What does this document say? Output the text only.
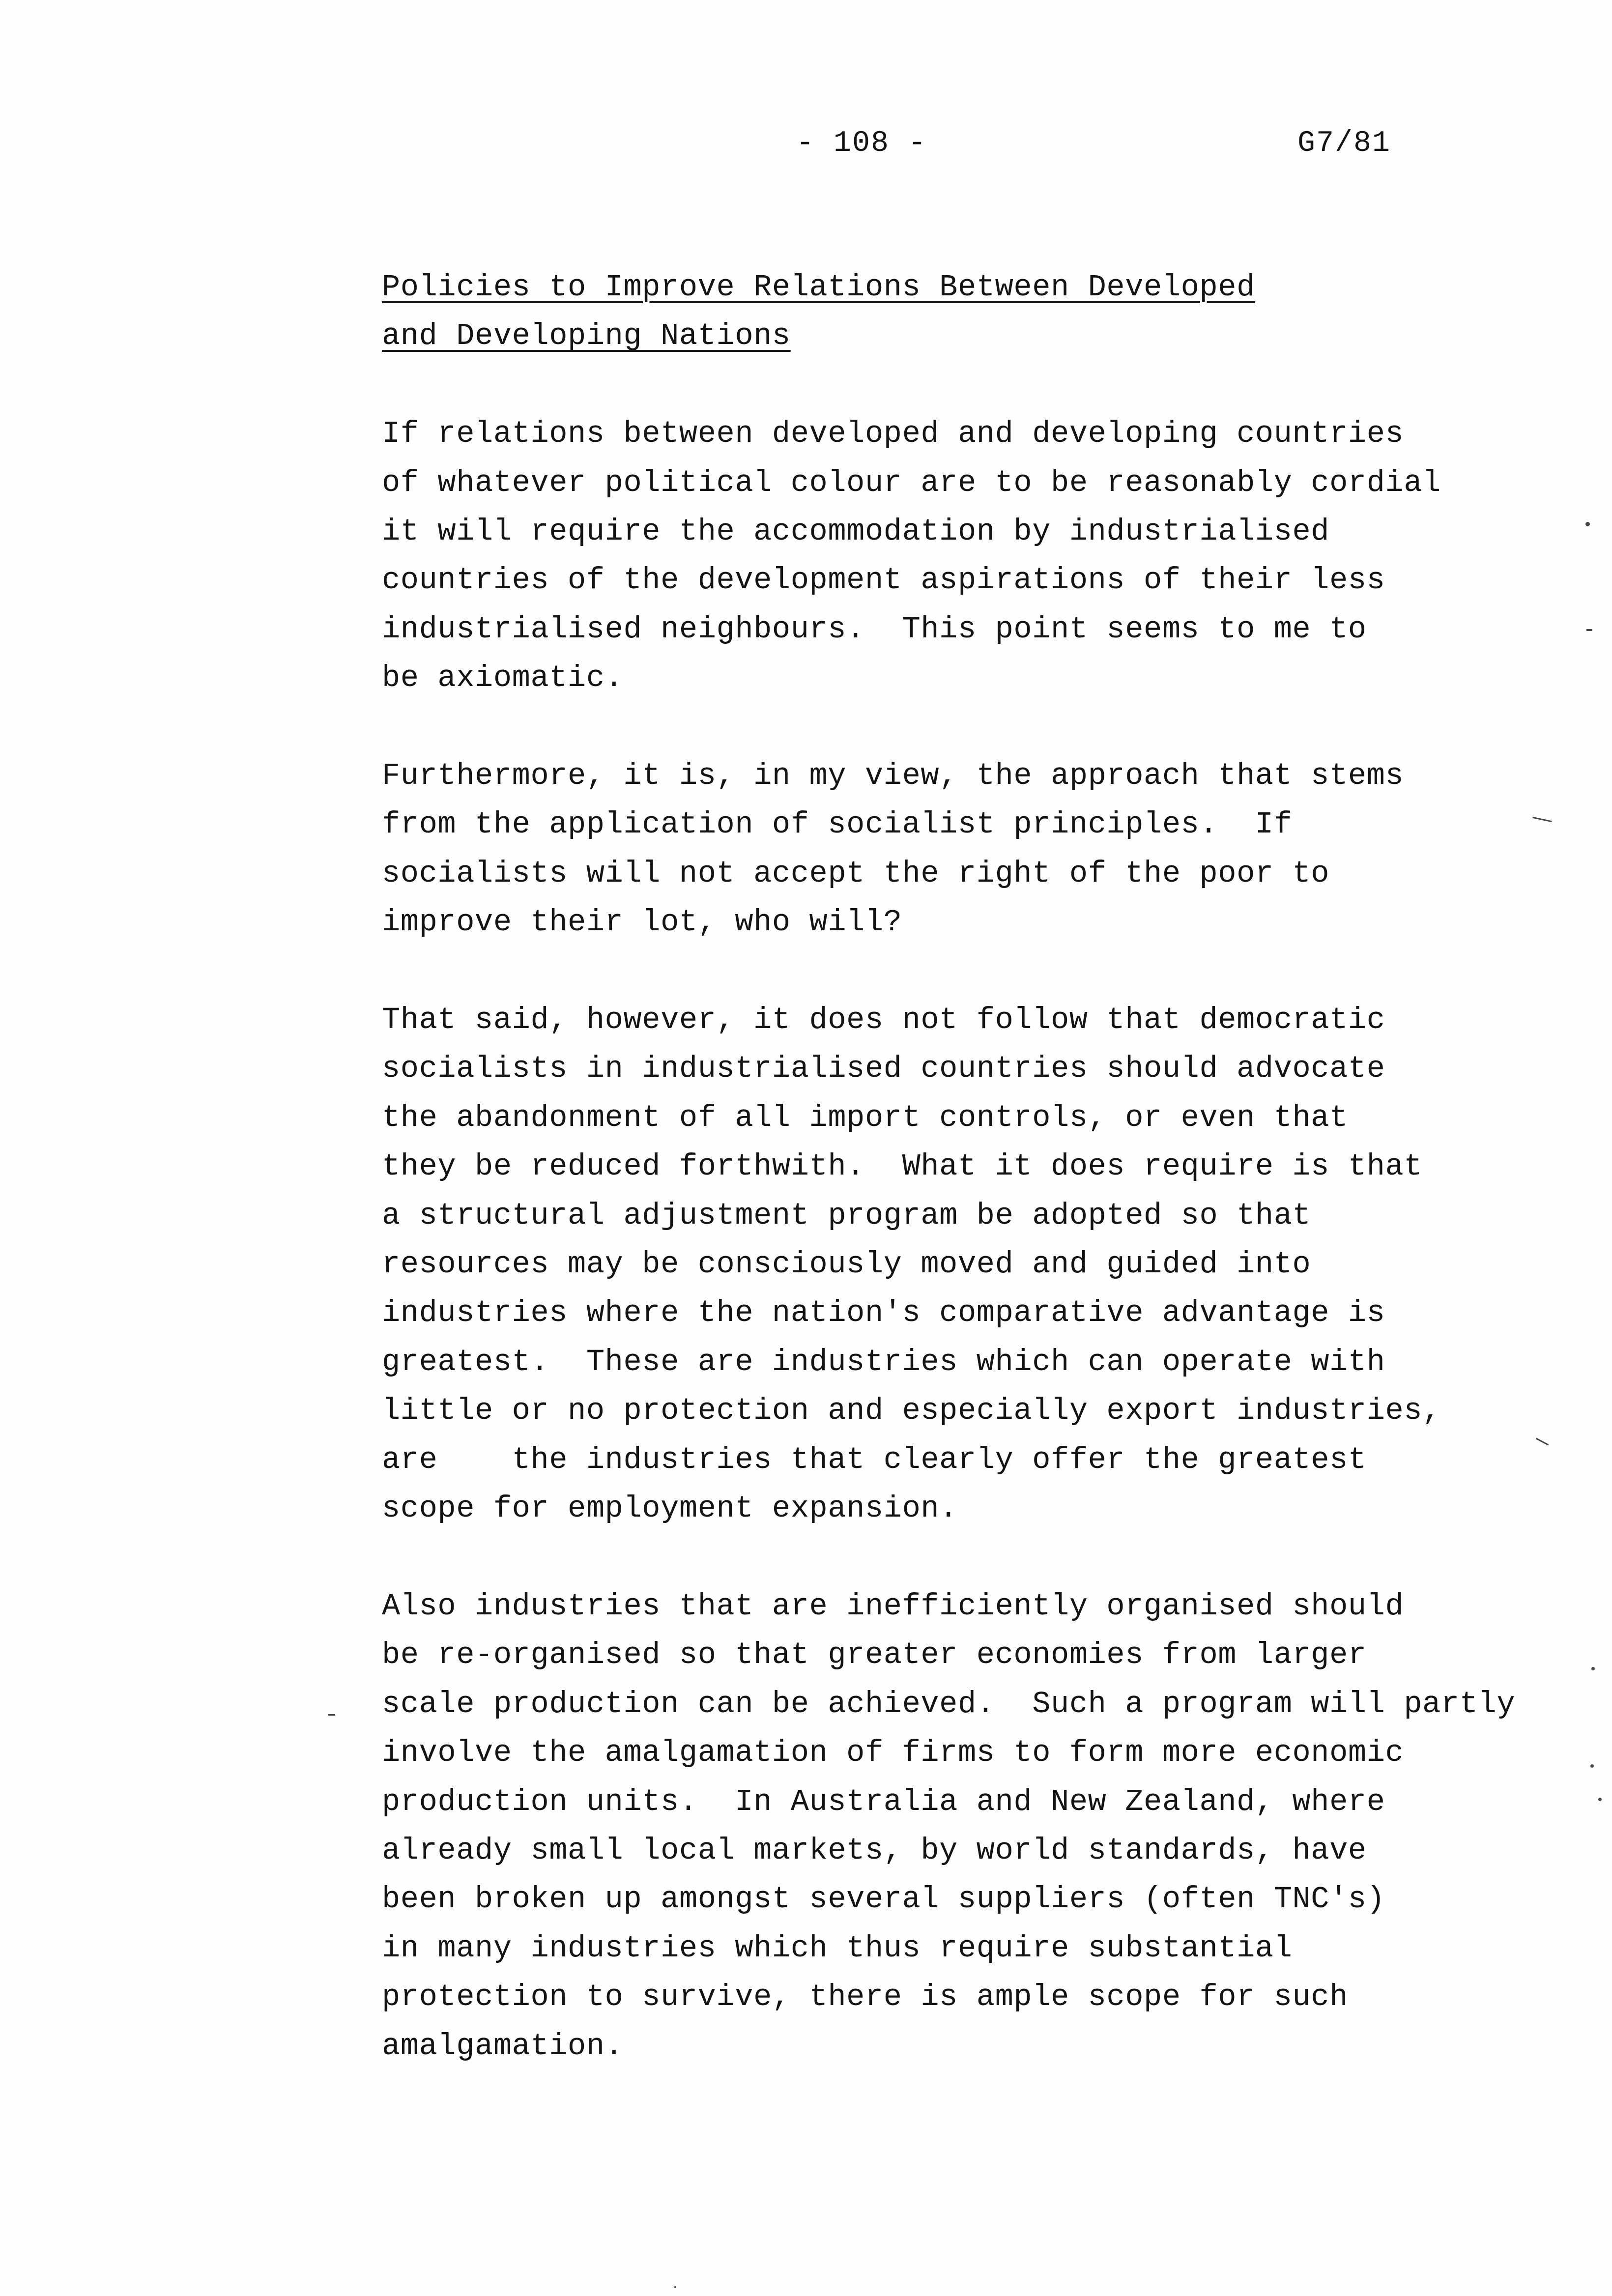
- 108 -	G7/81
Policies to Improve Relations Between Developed
and Developing Nations
If relations between developed and developing countries
of whatever political colour are to be reasonably cordial
it will require the accommodation by industrialised
countries of the development aspirations of their less
industrialised neighbours.  This point seems to me to
be axiomatic.
Furthermore, it is, in my view, the approach that stems
from the application of socialist principles.  If
socialists will not accept the right of the poor to
improve their lot, who will?
That said, however, it does not follow that democratic
socialists in industrialised countries should advocate
the abandonment of all import controls, or even that
they be reduced forthwith.  What it does require is that
a structural adjustment program be adopted so that
resources may be consciously moved and guided into
industries where the nation's comparative advantage is
greatest.  These are industries which can operate with
little or no protection and especially export industries,
are    the industries that clearly offer the greatest
scope for employment expansion.
Also industries that are inefficiently organised should
be re-organised so that greater economies from larger
scale production can be achieved.  Such a program will partly
involve the amalgamation of firms to form more economic
production units.  In Australia and New Zealand, where
already small local markets, by world standards, have
been broken up amongst several suppliers (often TNC's)
in many industries which thus require substantial
protection to survive, there is ample scope for such
amalgamation.
